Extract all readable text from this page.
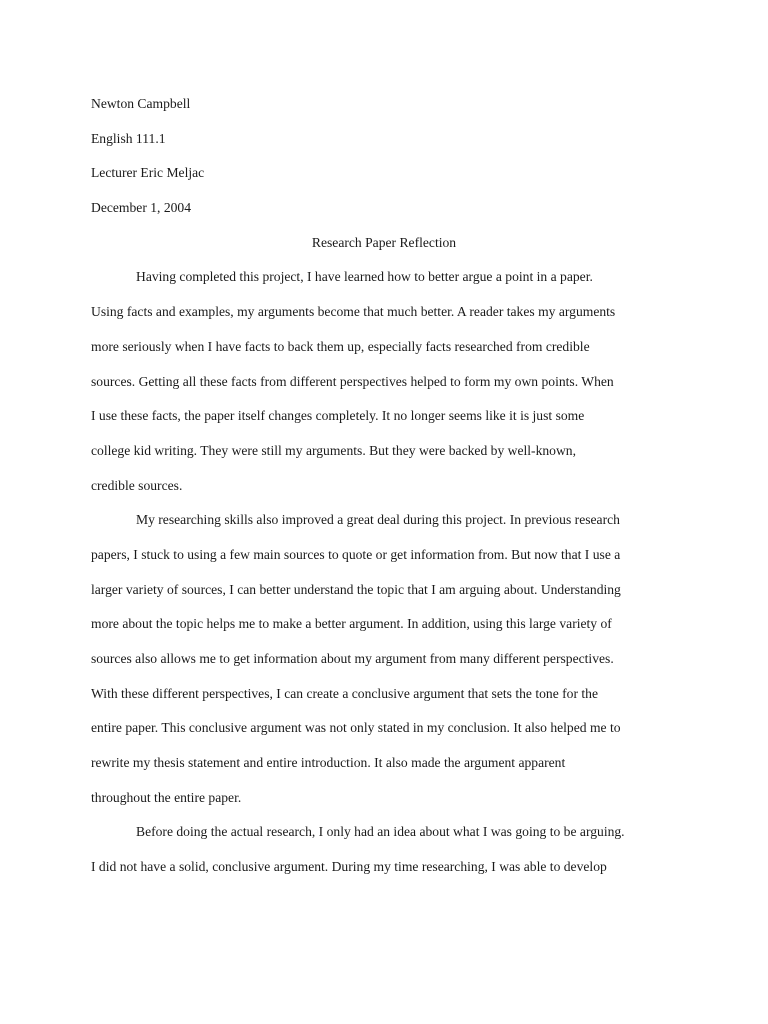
Newton Campbell
English 111.1
Lecturer Eric Meljac
December 1, 2004
Research Paper Reflection
Having completed this project, I have learned how to better argue a point in a paper.
Using facts and examples, my arguments become that much better. A reader takes my arguments
more seriously when I have facts to back them up, especially facts researched from credible
sources. Getting all these facts from different perspectives helped to form my own points. When
I use these facts, the paper itself changes completely. It no longer seems like it is just some
college kid writing. They were still my arguments. But they were backed by well-known,
credible sources.
My researching skills also improved a great deal during this project. In previous research
papers, I stuck to using a few main sources to quote or get information from. But now that I use a
larger variety of sources, I can better understand the topic that I am arguing about. Understanding
more about the topic helps me to make a better argument. In addition, using this large variety of
sources also allows me to get information about my argument from many different perspectives.
With these different perspectives, I can create a conclusive argument that sets the tone for the
entire paper. This conclusive argument was not only stated in my conclusion. It also helped me to
rewrite my thesis statement and entire introduction. It also made the argument apparent
throughout the entire paper.
Before doing the actual research, I only had an idea about what I was going to be arguing.
I did not have a solid, conclusive argument. During my time researching, I was able to develop
